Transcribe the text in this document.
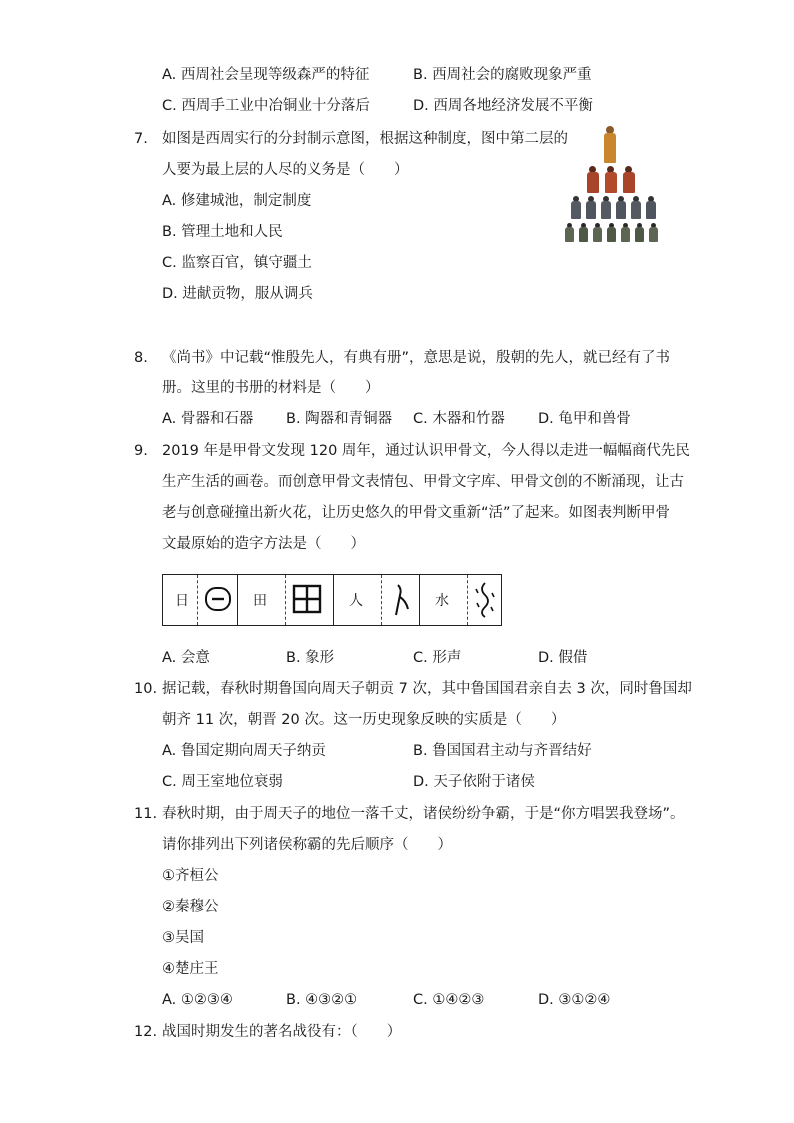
A. 西周社会呈现等级森严的特征	B. 西周社会的腐败现象严重
C. 西周手工业中冶铜业十分落后	D. 西周各地经济发展不平衡
7. 如图是西周实行的分封制示意图，根据这种制度，图中第二层的
人要为最上层的人尽的义务是（　　）
A. 修建城池，制定制度
B. 管理土地和人民
C. 监察百官，镇守疆土
D. 进献贡物，服从调兵
8. 《尚书》中记载“惟殷先人，有典有册”，意思是说，殷朝的先人，就已经有了书
册。这里的书册的材料是（　　）
A. 骨器和石器 B. 陶器和青铜器 C. 木器和竹器 D. 龟甲和兽骨
9. 2019 年是甲骨文发现 120 周年，通过认识甲骨文，今人得以走进一幅幅商代先民
生产生活的画卷。而创意甲骨文表情包、甲骨文字库、甲骨文创的不断涌现，让古
老与创意碰撞出新火花，让历史悠久的甲骨文重新“活”了起来。如图表判断甲骨
文最原始的造字方法是（　　）
日	田	人	水
A. 会意	B. 象形	C. 形声	D. 假借
10. 据记载，春秋时期鲁国向周天子朝贡 7 次，其中鲁国国君亲自去 3 次，同时鲁国却
朝齐 11 次，朝晋 20 次。这一历史现象反映的实质是（　　）
A. 鲁国定期向周天子纳贡	B. 鲁国国君主动与齐晋结好
C. 周王室地位衰弱	D. 天子依附于诸侯
11. 春秋时期，由于周天子的地位一落千丈，诸侯纷纷争霸，于是“你方唱罢我登场”。
请你排列出下列诸侯称霸的先后顺序（　　）
①齐桓公
②秦穆公
③吴国
④楚庄王
A. ①②③④	B. ④③②①	C. ①④②③	D. ③①②④
12. 战国时期发生的著名战役有：（　　）
